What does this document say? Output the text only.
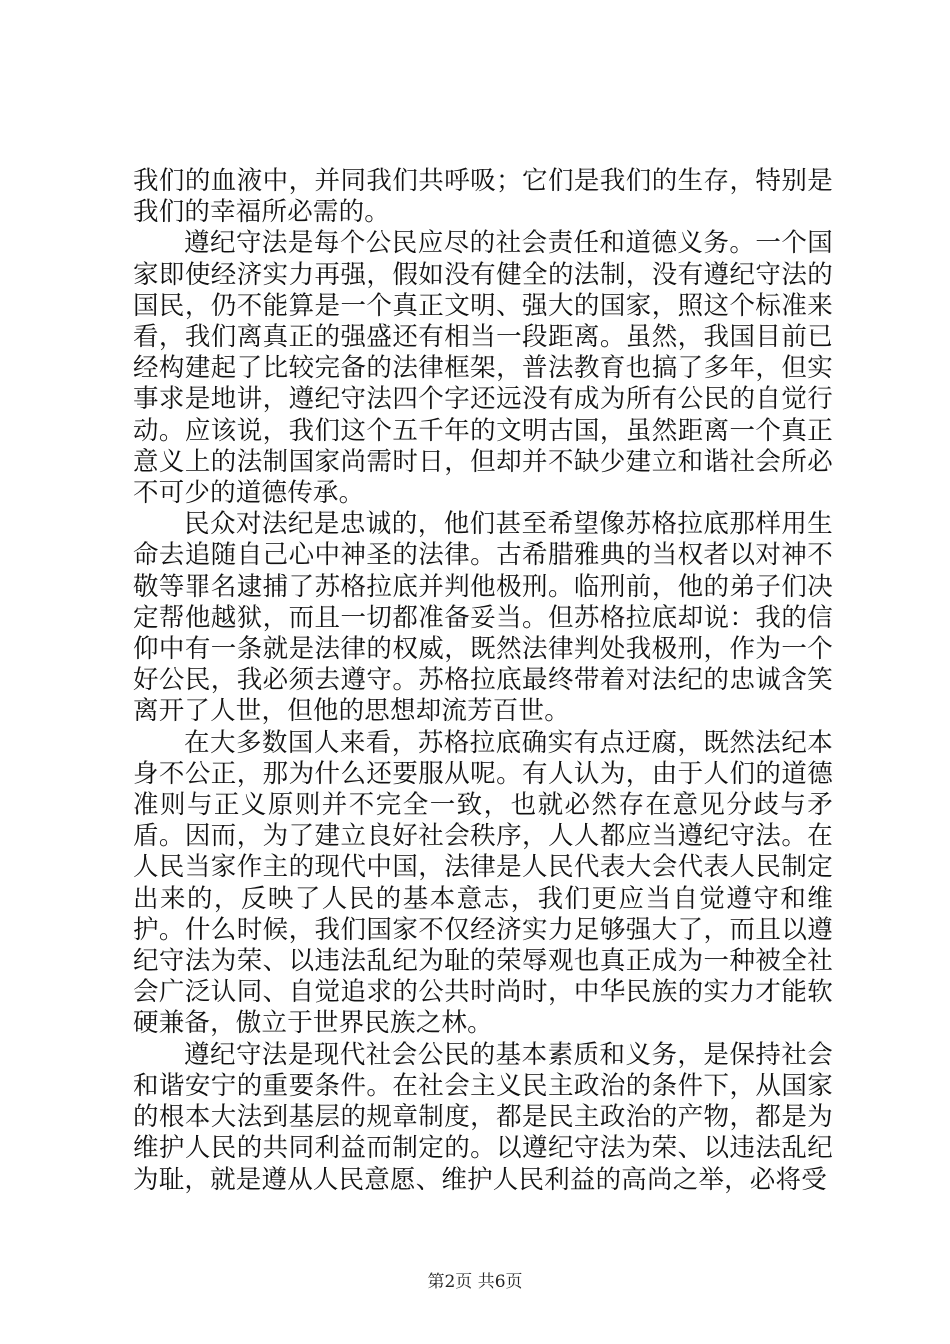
我们的血液中，并同我们共呼吸；它们是我们的生存，特别是我们的幸福所必需的。

遵纪守法是每个公民应尽的社会责任和道德义务。一个国家即使经济实力再强，假如没有健全的法制，没有遵纪守法的国民，仍不能算是一个真正文明、强大的国家，照这个标准来看，我们离真正的强盛还有相当一段距离。虽然，我国目前已经构建起了比较完备的法律框架，普法教育也搞了多年，但实事求是地讲，遵纪守法四个字还远没有成为所有公民的自觉行动。应该说，我们这个五千年的文明古国，虽然距离一个真正意义上的法制国家尚需时日，但却并不缺少建立和谐社会所必不可少的道德传承。

民众对法纪是忠诚的，他们甚至希望像苏格拉底那样用生命去追随自己心中神圣的法律。古希腊雅典的当权者以对神不敬等罪名逮捕了苏格拉底并判他极刑。临刑前，他的弟子们决定帮他越狱，而且一切都准备妥当。但苏格拉底却说：我的信仰中有一条就是法律的权威，既然法律判处我极刑，作为一个好公民，我必须去遵守。苏格拉底最终带着对法纪的忠诚含笑离开了人世，但他的思想却流芳百世。

在大多数国人来看，苏格拉底确实有点迂腐，既然法纪本身不公正，那为什么还要服从呢。有人认为，由于人们的道德准则与正义原则并不完全一致，也就必然存在意见分歧与矛盾。因而，为了建立良好社会秩序，人人都应当遵纪守法。在人民当家作主的现代中国，法律是人民代表大会代表人民制定出来的，反映了人民的基本意志，我们更应当自觉遵守和维护。什么时候，我们国家不仅经济实力足够强大了，而且以遵纪守法为荣、以违法乱纪为耻的荣辱观也真正成为一种被全社会广泛认同、自觉追求的公共时尚时，中华民族的实力才能软硬兼备，傲立于世界民族之林。

遵纪守法是现代社会公民的基本素质和义务，是保持社会和谐安宁的重要条件。在社会主义民主政治的条件下，从国家的根本大法到基层的规章制度，都是民主政治的产物，都是为维护人民的共同利益而制定的。以遵纪守法为荣、以违法乱纪为耻，就是遵从人民意愿、维护人民利益的高尚之举，必将受

第2页 共6页
